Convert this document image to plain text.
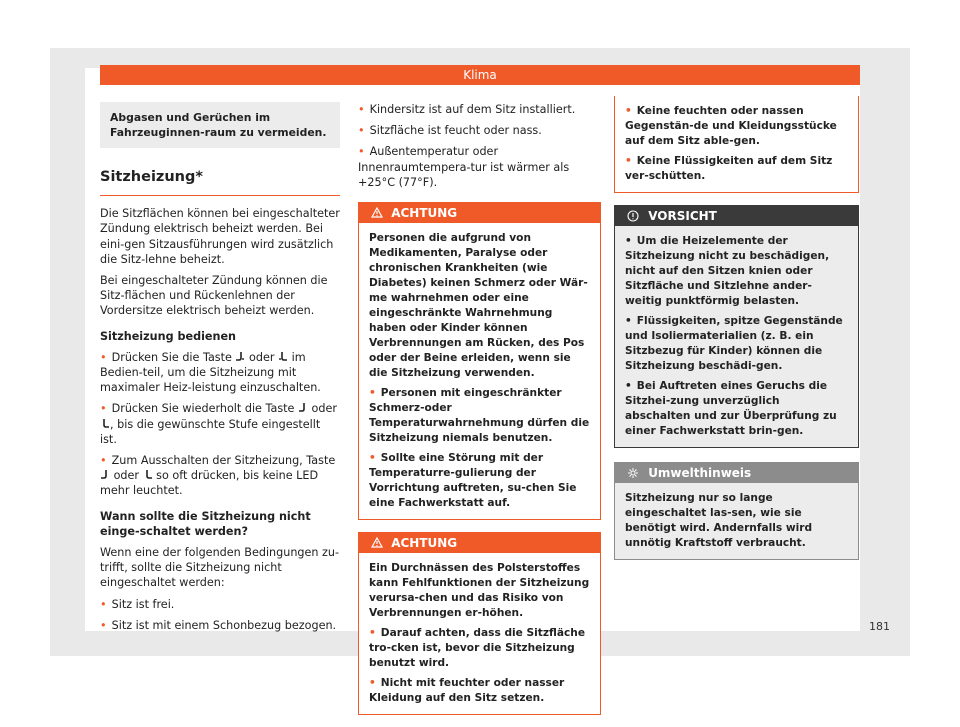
Klima
Abgasen und Gerüchen im Fahrzeuginnen-raum zu vermeiden.
Sitzheizung*

Die Sitzflächen können bei eingeschalteter Zündung elektrisch beheizt werden. Bei eini-gen Sitzausführungen wird zusätzlich die Sitz-lehne beheizt.

Bei eingeschalteter Zündung können die Sitz-flächen und Rückenlehnen der Vordersitze elektrisch beheizt werden.

Sitzheizung bedienen

• Drücken Sie die Taste oder im Bedien-teil, um die Sitzheizung mit maximaler Heiz-leistung einzuschalten.

• Drücken Sie wiederholt die Taste oder , bis die gewünschte Stufe eingestellt ist.

• Zum Ausschalten der Sitzheizung, Taste  oder so oft drücken, bis keine LED mehr leuchtet.

Wann sollte die Sitzheizung nicht einge-schaltet werden?

Wenn eine der folgenden Bedingungen zu-trifft, sollte die Sitzheizung nicht eingeschaltet werden:

• Sitz ist frei.

• Sitz ist mit einem Schonbezug bezogen.

• Kindersitz ist auf dem Sitz installiert.

• Sitzfläche ist feucht oder nass.

• Außentemperatur oder Innenraumtempera-tur ist wärmer als +25°C (77°F).

ACHTUNG

Personen die aufgrund von Medikamenten, Paralyse oder chronischen Krankheiten (wie Diabetes) keinen Schmerz oder Wär-me wahrnehmen oder eine eingeschränkte Wahrnehmung haben oder Kinder können Verbrennungen am Rücken, des Pos oder der Beine erleiden, wenn sie die Sitzheizung verwenden.

• Personen mit eingeschränkter Schmerz-oder Temperaturwahrnehmung dürfen die Sitzheizung niemals benutzen.

• Sollte eine Störung mit der Temperaturre-gulierung der Vorrichtung auftreten, su-chen Sie eine Fachwerkstatt auf.

ACHTUNG

Ein Durchnässen des Polsterstoffes kann Fehlfunktionen der Sitzheizung verursa-chen und das Risiko von Verbrennungen er-höhen.

• Darauf achten, dass die Sitzfläche tro-cken ist, bevor die Sitzheizung benutzt wird.

• Nicht mit feuchter oder nasser Kleidung auf den Sitz setzen.

• Keine feuchten oder nassen Gegenstän-de und Kleidungsstücke auf dem Sitz able-gen.

• Keine Flüssigkeiten auf dem Sitz ver-schütten.

VORSICHT

• Um die Heizelemente der Sitzheizung nicht zu beschädigen, nicht auf den Sitzen knien oder Sitzfläche und Sitzlehne ander-weitig punktförmig belasten.

• Flüssigkeiten, spitze Gegenstände und Isoliermaterialien (z. B. ein Sitzbezug für Kinder) können die Sitzheizung beschädi-gen.

• Bei Auftreten eines Geruchs die Sitzhei-zung unverzüglich abschalten und zur Überprüfung zu einer Fachwerkstatt brin-gen.

Umwelthinweis
Sitzheizung nur so lange eingeschaltet las-sen, wie sie benötigt wird. Andernfalls wird unnötig Kraftstoff verbraucht.
181
